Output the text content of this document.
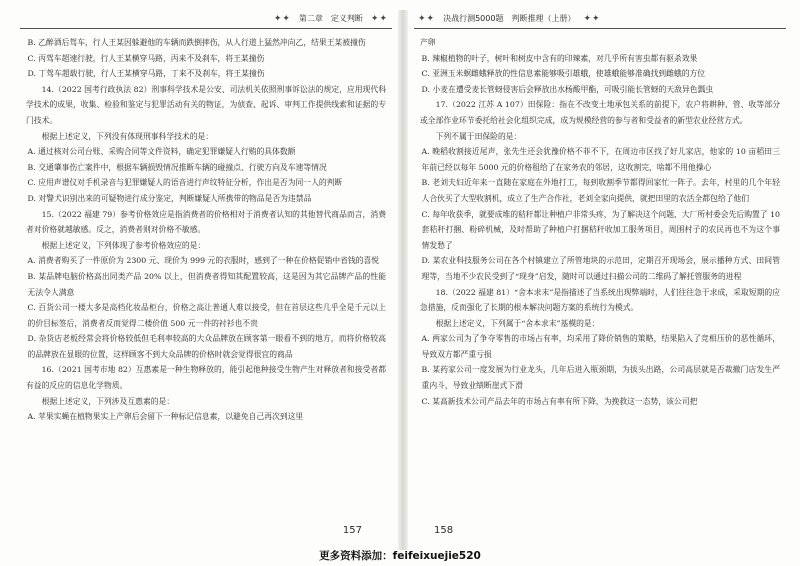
✦✦ 第二章 定义判断 ✦✦

B. 乙醉酒后驾车，行人王某因躲避他的车辆而跌倒摔伤，从人行道上猛然冲向乙，结果王某被撞伤

C. 丙驾车超速行驶，行人王某横穿马路，丙来不及刹车，将王某撞伤

D. 丁驾车超载行驶，行人王某横穿马路，丁来不及刹车，将王某撞伤

14.（2022 国考行政执法 82）刑事科学技术是公安、司法机关依照刑事诉讼法的规定，应用现代科学技术的成果，收集、检验和鉴定与犯罪活动有关的物证，为侦查、起诉、审判工作提供线索和证据的专门技术。

根据上述定义，下列没有体现刑事科学技术的是：

A. 通过核对公司台账、采购合同等文件资料，确定犯罪嫌疑人行贿的具体数额

B. 交通肇事伤亡案件中，根据车辆损毁情况推断车辆的碰撞点、行驶方向及车速等情况

C. 应用声谱仪对手机录音与犯罪嫌疑人的语音进行声纹特征分析，作出是否为同一人的判断

D. 对警犬识别出来的可疑物进行成分鉴定，判断嫌疑人所携带的物品是否为违禁品

15.（2022 福建 79）参考价格效应是指消费者的价格相对于消费者认知的其他替代商品而言，消费者对价格就越敏感。反之，消费者则对价格不敏感。

根据上述定义，下列体现了参考价格效应的是：

A. 消费者购买了一件原价为 2300 元、现价为 999 元的衣服时，感到了一种在价格促销中省钱的喜悦

B. 某品牌电脑价格高出同类产品 20% 以上，但消费者得知其配置较高，这是因为其它品牌产品的性能无法令人满意

C. 百货公司一楼大多是高档化妆品柜台，价格之高让普通人难以接受，但在首层这些几乎全是千元以上的价目标签后，消费者反而觉得二楼价值 500 元一件的衬衫也不贵

D. 杂货店老板经常会将价格较低但毛利率较高的大众品牌放在顾客第一眼看不到的地方，而将价格较高的品牌放在显眼的位置，这样顾客不到大众品牌的价格时就会觉得很宜的商品

16.（2021 国考市地 82）互惠素是一种生物释放的，能引起他种接受生物产生对释放者和接受者都有益的反应的信息化学物质。

根据上述定义，下列涉及互惠素的是：

A. 苹果实蝇在植物果实上产卵后会留下一种标记信息素，以避免自己再次到这里

157
✦✦ 决战行测5000题 判断推理（上册） ✦✦

产卵

B. 辣椒植物的叶子，树叶和树皮中含有的印辣素，对几乎所有害虫都有驱杀效果

C. 亚洲玉米螟雌蛾释放的性信息素能够吸引雄蛾，使雄蛾能够准确找到雌蛾的方位

D. 小麦在遭受麦长管蚜侵害后会释放出水杨酸甲酯，可吸引能长管蚜的天敌异色瓢虫

17.（2022 江苏 A 107）田保险：指在不改变土地承包关系的前提下，农户将耕种、管、收等部分或全部作业环节委托给社会化组织完成，成为规模经营的参与者和受益者的新型农业经营方式。

下列不属于田保险的是：

A. 晚稻收割接近尾声，张先生还会犹豫价格不菲不下，在周边市区找了好儿家店，他家的 10 亩稻田三年前已经以每年 5000 元的价格租给了在家务农的邻居，这收割完，啥都不用他操心

B. 老刘夫妇近年来一直随在家庭在外地打工，每到收割季节都得回家忙一阵子。去年，村里的几个年轻人合伙买了大型收割机，成立了生产合作社，老刘全家向提供，就把田里的农活全都包给了他们

C. 每年收获季，就要成堆的秸秆都让种植户非常头疼，为了解决这个问题，大厂所村委会先后购置了 10 套秸秆打捆、粉碎机械，及时帮助了种植户打捆秸秆收加工服务项目，周围村子的农民再也不为这个事情发愁了

D. 某农业科技服务公司在各个村镇建立了所管地块的示范田，定期召开现场会，展示播种方式、田间管理等，当地不少农民受到了“现身”启发，随时可以通过扫描公司的二维码了解托管服务的进程

18.（2022 福建 81）“舍本求末”是指描述了当系统出现弊端时，人们往往急于求成，采取短期的应急措施，反而强化了长期的根本解决问题方案的系统行为模式。

根据上述定义，下列属于“舍本求末”基模的是：

A. 两家公司为了争夺零售的市场占有率，均采用了降价销售的策略，结果陷入了竞相压价的恶性循环，导致双方都严重亏损

B. 某药家公司一度发展为行业龙头，几年后进入瓶颈期，为拔头出路，公司高层就是否裁撤门店发生严重内斗，导致业绩断崖式下滑

C. 某高新技术公司产品去年的市场占有率有所下降，为挽救这一态势，该公司把

158
更多资料添加：feifeixuejie520
